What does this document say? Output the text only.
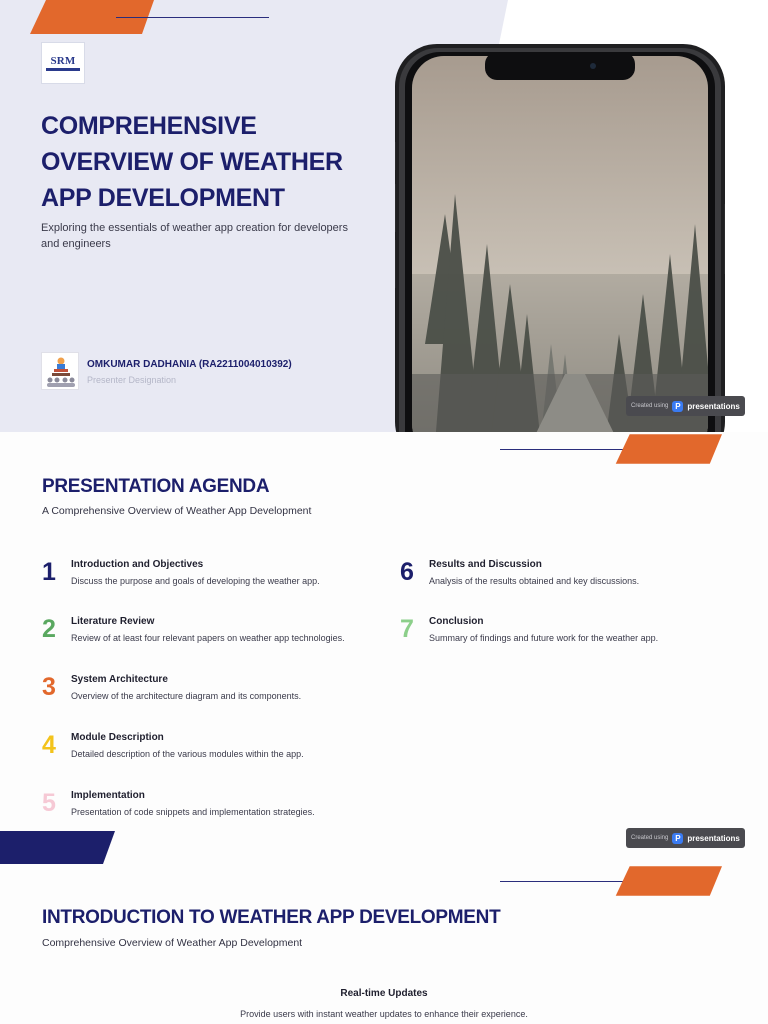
SRM
COMPREHENSIVE OVERVIEW OF WEATHER APP DEVELOPMENT
Exploring the essentials of weather app creation for developers and engineers
OMKUMAR DADHANIA (RA2211004010392)
Presenter Designation
Created using P presentations
PRESENTATION AGENDA
A Comprehensive Overview of Weather App Development
1 Introduction and Objectives
Discuss the purpose and goals of developing the weather app.
2 Literature Review
Review of at least four relevant papers on weather app technologies.
3 System Architecture
Overview of the architecture diagram and its components.
4 Module Description
Detailed description of the various modules within the app.
5 Implementation
Presentation of code snippets and implementation strategies.
6 Results and Discussion
Analysis of the results obtained and key discussions.
7 Conclusion
Summary of findings and future work for the weather app.
Created using P presentations
INTRODUCTION TO WEATHER APP DEVELOPMENT
Comprehensive Overview of Weather App Development
Real-time Updates
Provide users with instant weather updates to enhance their experience.
